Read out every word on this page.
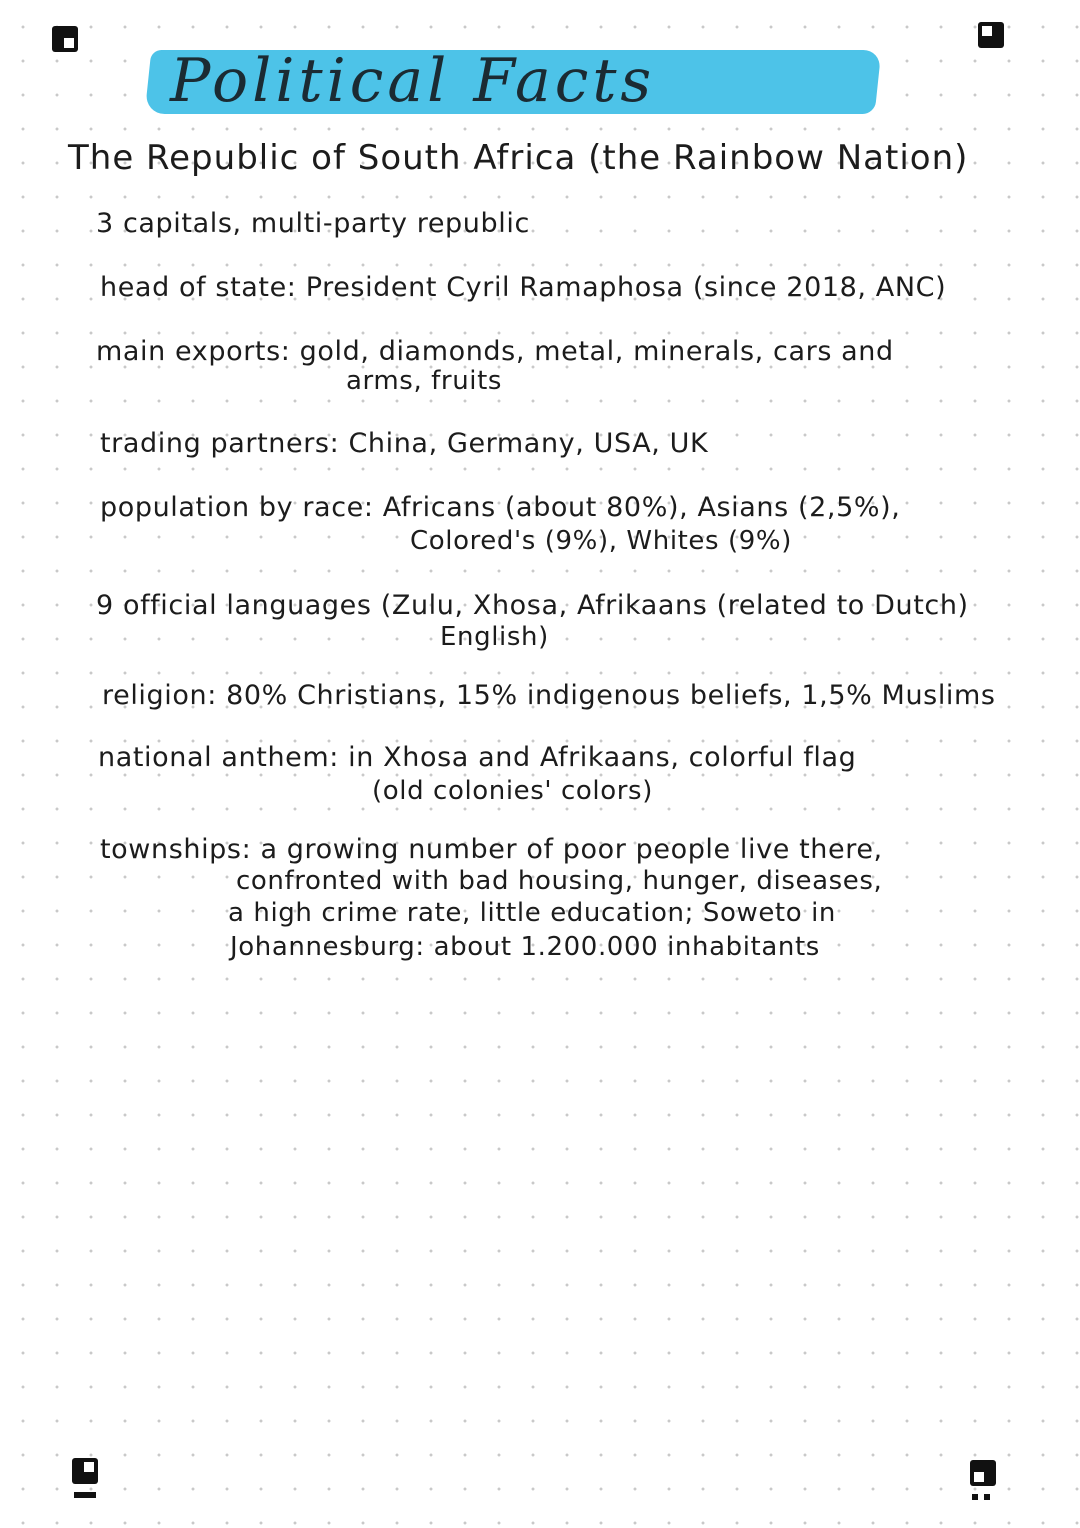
Political Facts
The Republic of South Africa (the Rainbow Nation)
3 capitals, multi-party republic
head of state: President Cyril Ramaphosa (since 2018, ANC)
main exports: gold, diamonds, metal, minerals, cars and
arms, fruits
trading partners: China, Germany, USA, UK
population by race: Africans (about 80%), Asians (2,5%),
Colored's (9%), Whites (9%)
9 official languages (Zulu, Xhosa, Afrikaans (related to Dutch)
English)
religion: 80% Christians, 15% indigenous beliefs, 1,5% Muslims
national anthem: in Xhosa and Afrikaans, colorful flag
(old colonies' colors)
townships: a growing number of poor people live there,
confronted with bad housing, hunger, diseases,
a high crime rate, little education; Soweto in
Johannesburg: about 1.200.000 inhabitants
